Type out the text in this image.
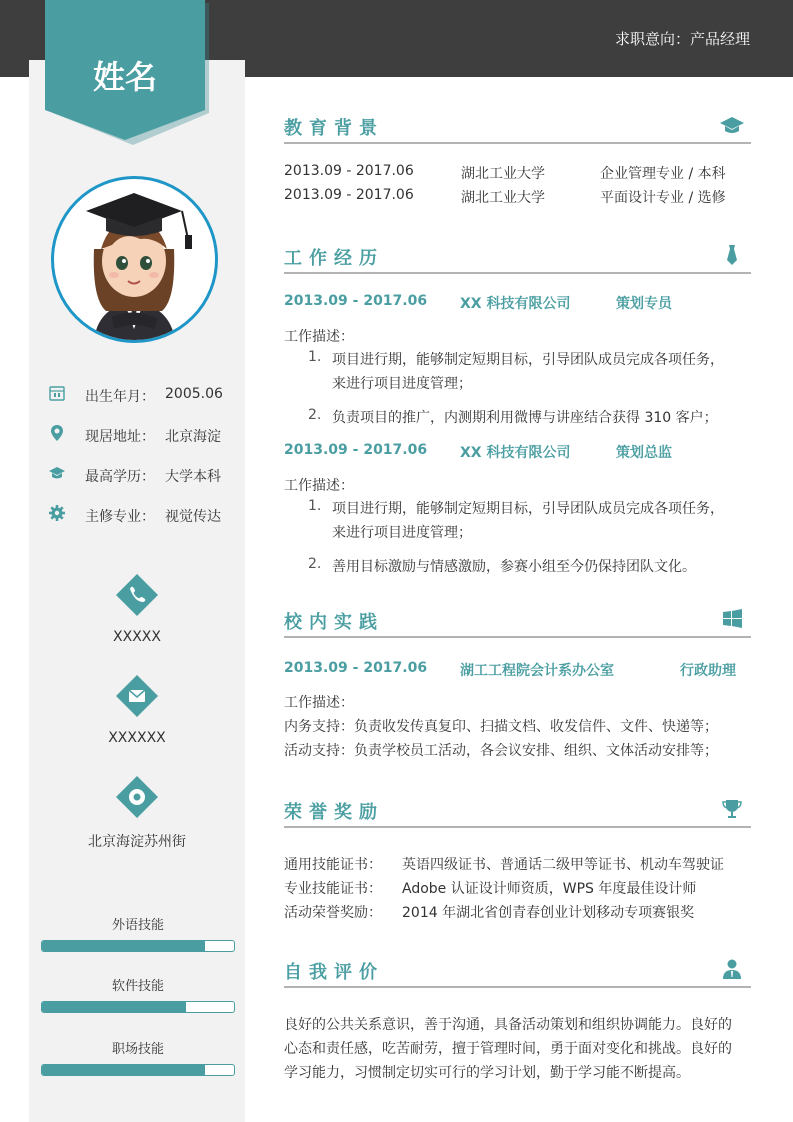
求职意向：产品经理
姓名
出生年月： 2005.06
现居地址： 北京海淀
最高学历： 大学本科
主修专业： 视觉传达
XXXXX
XXXXXX
北京海淀苏州街
外语技能
软件技能
职场技能
教育背景
2013.09 - 2017.06	湖北工业大学	企业管理专业 / 本科
2013.09 - 2017.06	湖北工业大学	平面设计专业 / 选修
工作经历
2013.09 - 2017.06 XX 科技有限公司	策划专员
工作描述：
1. 项目进行期，能够制定短期目标，引导团队成员完成各项任务，
来进行项目进度管理；
2. 负责项目的推广，内测期利用微博与讲座结合获得 310 客户；
2013.09 - 2017.06 XX 科技有限公司	策划总监
工作描述：
1. 项目进行期，能够制定短期目标，引导团队成员完成各项任务，
来进行项目进度管理；
2. 善用目标激励与情感激励，参赛小组至今仍保持团队文化。
校内实践
2013.09 - 2017.06 湖工工程院会计系办公室	行政助理
工作描述：
内务支持：负责收发传真复印、扫描文档、收发信件、文件、快递等；
活动支持：负责学校员工活动，各会议安排、组织、文体活动安排等；
荣誉奖励
通用技能证书： 英语四级证书、普通话二级甲等证书、机动车驾驶证
专业技能证书： Adobe 认证设计师资质，WPS 年度最佳设计师
活动荣誉奖励： 2014 年湖北省创青春创业计划移动专项赛银奖
自我评价
良好的公共关系意识，善于沟通，具备活动策划和组织协调能力。良好的
心态和责任感，吃苦耐劳，擅于管理时间，勇于面对变化和挑战。良好的
学习能力，习惯制定切实可行的学习计划，勤于学习能不断提高。
